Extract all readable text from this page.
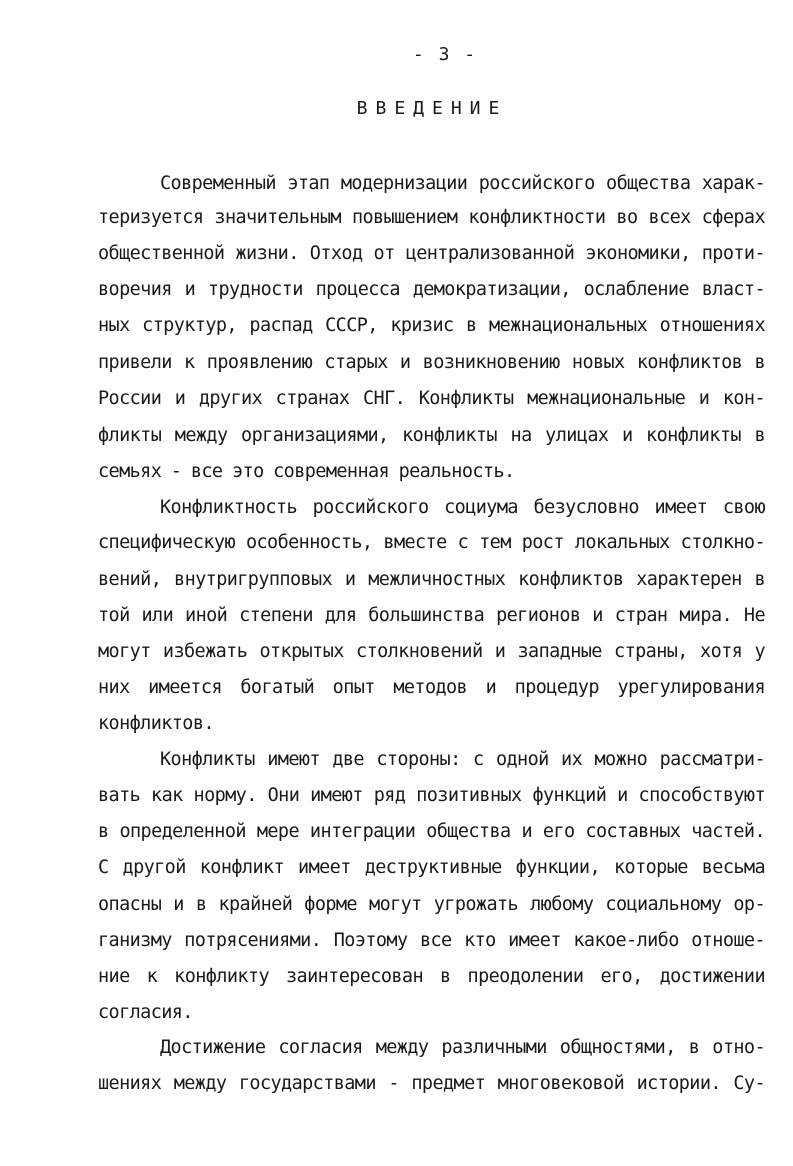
- 3 -
ВВЕДЕНИЕ
Современный этап модернизации российского общества харак-
теризуется значительным повышением конфликтности во всех сферах
общественной жизни. Отход от централизованной экономики, проти-
воречия и трудности процесса демократизации, ослабление власт-
ных структур, распад СССР, кризис в межнациональных отношениях
привели к проявлению старых и возникновению новых конфликтов в
России и других странах СНГ. Конфликты межнациональные и кон-
фликты между организациями, конфликты на улицах и конфликты в
семьях - все это современная реальность.
Конфликтность российского социума безусловно имеет свою
специфическую особенность, вместе с тем рост локальных столкно-
вений, внутригрупповых и межличностных конфликтов характерен в
той или иной степени для большинства регионов и стран мира. Не
могут избежать открытых столкновений и западные страны, хотя у
них имеется богатый опыт методов и процедур урегулирования
конфликтов.
Конфликты имеют две стороны: с одной их можно рассматри-
вать как норму. Они имеют ряд позитивных функций и способствуют
в определенной мере интеграции общества и его составных частей.
С другой конфликт имеет деструктивные функции, которые весьма
опасны и в крайней форме могут угрожать любому социальному ор-
ганизму потрясениями. Поэтому все кто имеет какое-либо отноше-
ние к конфликту заинтересован в преодолении его, достижении
согласия.
Достижение согласия между различными общностями, в отно-
шениях между государствами - предмет многовековой истории. Су-
